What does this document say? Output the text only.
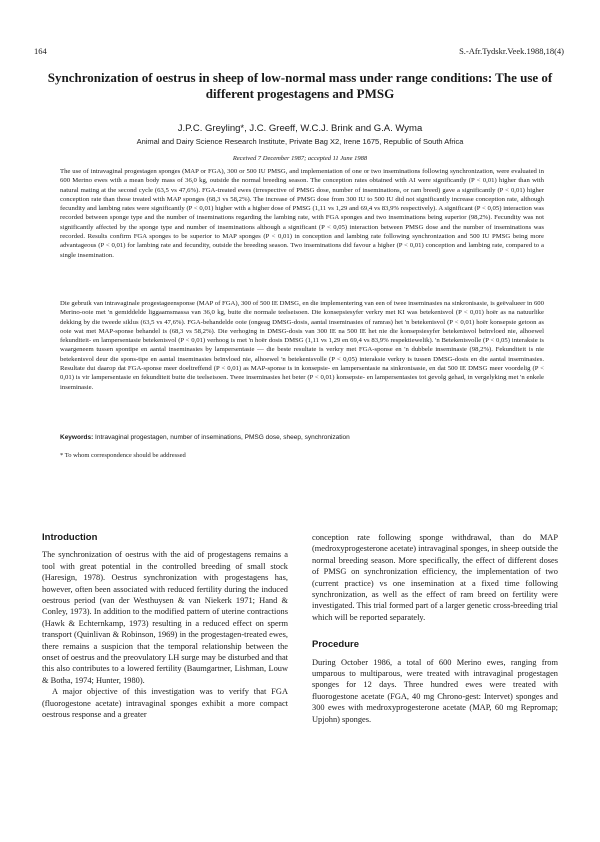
164	S.-Afr.Tydskr.Veek.1988,18(4)
Synchronization of oestrus in sheep of low-normal mass under range conditions: The use of different progestagens and PMSG
J.P.C. Greyling*, J.C. Greeff, W.C.J. Brink and G.A. Wyma
Animal and Dairy Science Research Institute, Private Bag X2, Irene 1675, Republic of South Africa
Received 7 December 1987; accepted 11 June 1988

The use of intravaginal progestagen sponges (MAP or FGA), 300 or 500 IU PMSG, and implementation of one or two inseminations following synchronization, were evaluated in 600 Merino ewes with a mean body mass of 36,0 kg, outside the normal breeding season. The conception rates obtained with AI were significantly (P < 0,01) higher than with natural mating at the second cycle (63,5 vs 47,6%). FGA-treated ewes (irrespective of PMSG dose, number of inseminations, or ram breed) gave a significantly (P < 0,01) higher conception rate than those treated with MAP sponges (68,3 vs 58,2%). The increase of PMSG dose from 300 IU to 500 IU did not significantly increase conception rate, although fecundity and lambing rates were significantly (P < 0,01) higher with a higher dose of PMSG (1,11 vs 1,29 and 69,4 vs 83,9% respectively). A significant (P < 0,05) interaction was recorded between sponge type and the number of inseminations regarding the lambing rate, with FGA sponges and two inseminations being superior (98,2%). Fecundity was not significantly affected by the sponge type and number of inseminations although a significant (P < 0,05) interaction between PMSG dose and the number of inseminations was recorded. Results confirm FGA sponges to be superior to MAP sponges (P < 0,01) in conception and lambing rate following synchronization and 500 IU PMSG being more advantageous (P < 0,01) for lambing rate and fecundity, outside the breeding season. Two inseminations did favour a higher (P < 0,01) conception and lambing rate, compared to a single insemination.

Die gebruik van intravaginale progestageensponse (MAP of FGA), 300 of 500 IE DMSG, en die implementering van een of twee inseminasies na sinkronisasie, is geëvalueer in 600 Merino-ooie met 'n gemiddelde liggaamsmassa van 36,0 kg, buite die normale teelseisoen. Die konsepsiesyfer verkry met KI was betekenisvol (P < 0,01) hoër as na natuurlike dekking by die tweede siklus (63,5 vs 47,6%). FGA-behandelde ooie (ongeag DMSG-dosis, aantal inseminasies of ramras) het 'n betekenisvol (P < 0,01) hoër konsepsie getoon as ooie wat met MAP-sponse behandel is (68,3 vs 58,2%). Die verhoging in DMSG-dosis van 300 IE na 500 IE het nie die konsepsiesyfer betekenisvol beïnvloed nie, alhoewel fekunditeit- en lampersentasie betekenisvol (P < 0,01) verhoog is met 'n hoër dosis DMSG (1,11 vs 1,29 en 69,4 vs 83,9% respektiewelik). 'n Betekenisvolle (P < 0,05) interaksie is waargeneem tussen spontipe en aantal inseminasies by lampersentasie — die beste resultate is verkry met FGA-sponse en 'n dubbele inseminasie (98,2%). Fekunditeit is nie betekenisvol deur die spons-tipe en aantal inseminasies beïnvloed nie, alhoewel 'n betekenisvolle (P < 0,05) interaksie verkry is tussen DMSG-dosis en die aantal inseminasies. Resultate dui daarop dat FGA-sponse meer doeltreffend (P < 0,01) as MAP-sponse is in konsepsie- en lampersentasie na sinkronisasie, en dat 500 IE DMSG meer voordelig (P < 0,01) is vir lampersentasie en fekunditeit buite die teelseisoen. Twee inseminasies het beter (P < 0,01) konsepsie- en lampersentasies tot gevolg gehad, in vergelyking met 'n enkele inseminasie.

Keywords: Intravaginal progestagen, number of inseminations, PMSG dose, sheep, synchronization
* To whom correspondence should be addressed
Introduction

The synchronization of oestrus with the aid of progestagens remains a tool with great potential in the controlled breeding of small stock (Haresign, 1978). Oestrus synchronization with progestagens has, however, often been associated with reduced fertility during the induced oestrous period (van der Westhuysen & van Niekerk 1971; Hand & Conley, 1973). In addition to the modified pattern of uterine contractions (Hawk & Echternkamp, 1973) resulting in a reduced effect on sperm transport (Quinlivan & Robinson, 1969) in the progestagen-treated ewes, there remains a suspicion that the temporal relationship between the onset of oestrus and the preovulatory LH surge may be disturbed and that this also contributes to a lowered fertility (Baumgartner, Lishman, Louw & Botha, 1974; Hunter, 1980).

A major objective of this investigation was to verify that FGA (fluorogestone acetate) intravaginal sponges exhibit a more compact oestrous response and a greater

conception rate following sponge withdrawal, than do MAP (medroxyprogesterone acetate) intravaginal sponges, in sheep outside the normal breeding season. More specifically, the effect of different doses of PMSG on synchronization efficiency, the implementation of two (current practice) vs one insemination at a fixed time following synchronization, as well as the effect of ram breed on fertility were investigated. This trial formed part of a larger genetic cross-breeding trial which will be reported separately.

Procedure

During October 1986, a total of 600 Merino ewes, ranging from umparous to multiparous, were treated with intravaginal progestagen sponges for 12 days. Three hundred ewes were treated with fluorogestone acetate (FGA, 40 mg Chrono-gest: Intervet) sponges and 300 ewes with medroxyprogesterone acetate (MAP, 60 mg Repromap; Upjohn) sponges.
